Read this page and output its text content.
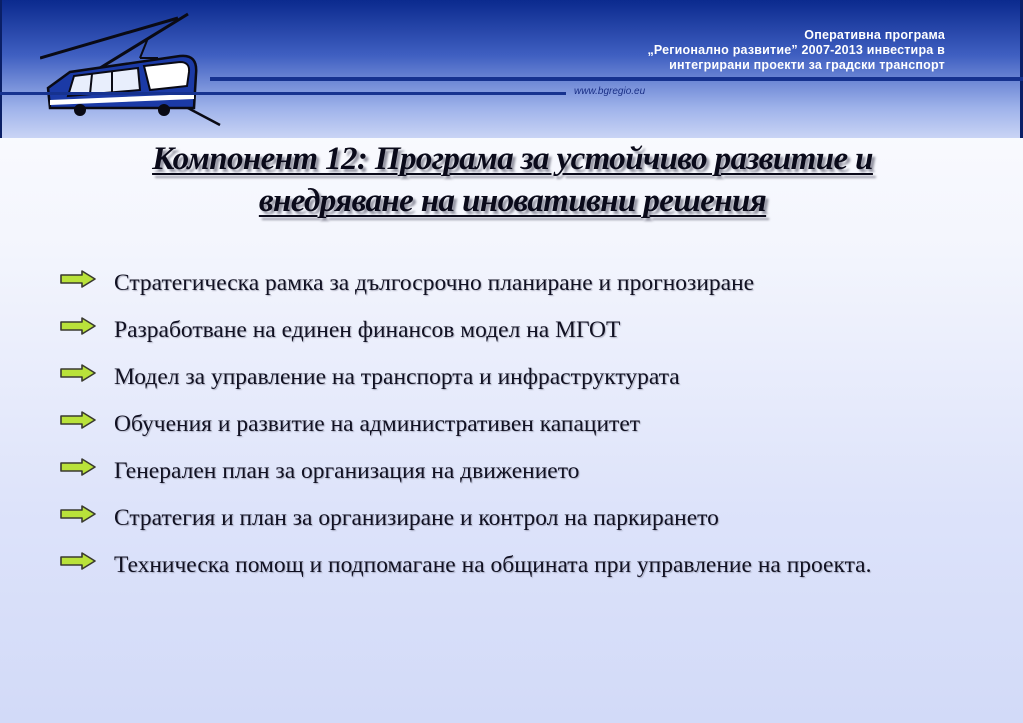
Оперативна програма
„Регионално развитие” 2007-2013 инвестира в
интегрирани проекти за градски транспорт
www.bgregio.eu
Компонент 12: Програма за устойчиво развитие и
внедряване на иновативни решения
Стратегическа рамка за дългосрочно планиране и прогнозиране
Разработване на единен финансов модел на МГОТ
Модел за управление на транспорта и инфраструктурата
Обучения и развитие на административен капацитет
Генерален план за организация на движението
Стратегия и план за организиране и контрол на паркирането
Техническа помощ и подпомагане на общината при управление на проекта.
